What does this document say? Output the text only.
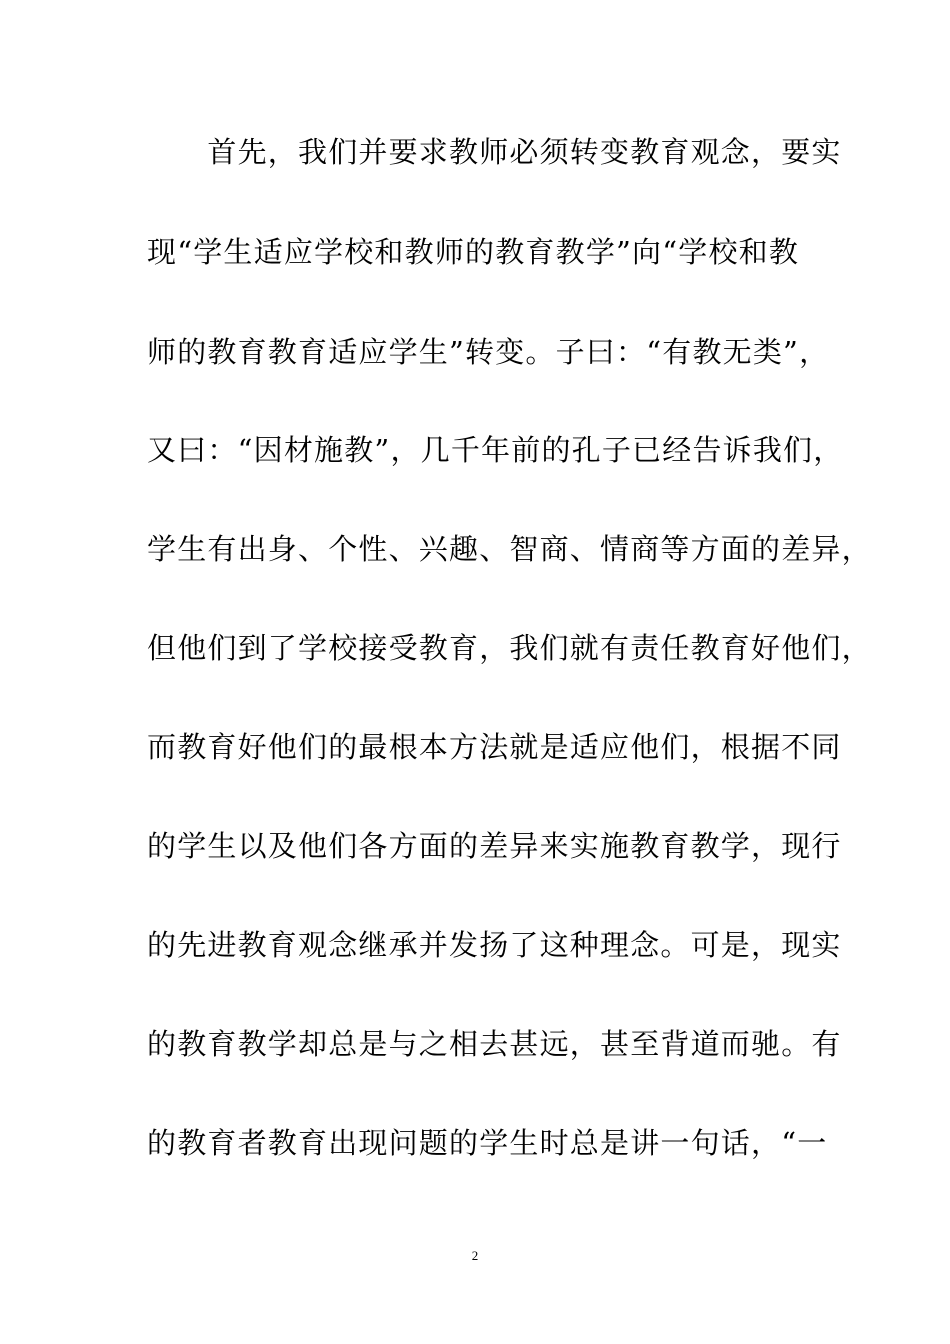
　　首先，我们并要求教师必须转变教育观念，要实
现“学生适应学校和教师的教育教学”向“学校和教
师的教育教育适应学生”转变。子曰：“有教无类”，
又曰：“因材施教”，几千年前的孔子已经告诉我们，
学生有出身、个性、兴趣、智商、情商等方面的差异，
但他们到了学校接受教育，我们就有责任教育好他们，
而教育好他们的最根本方法就是适应他们，根据不同
的学生以及他们各方面的差异来实施教育教学，现行
的先进教育观念继承并发扬了这种理念。可是，现实
的教育教学却总是与之相去甚远，甚至背道而驰。有
的教育者教育出现问题的学生时总是讲一句话，“一
2
